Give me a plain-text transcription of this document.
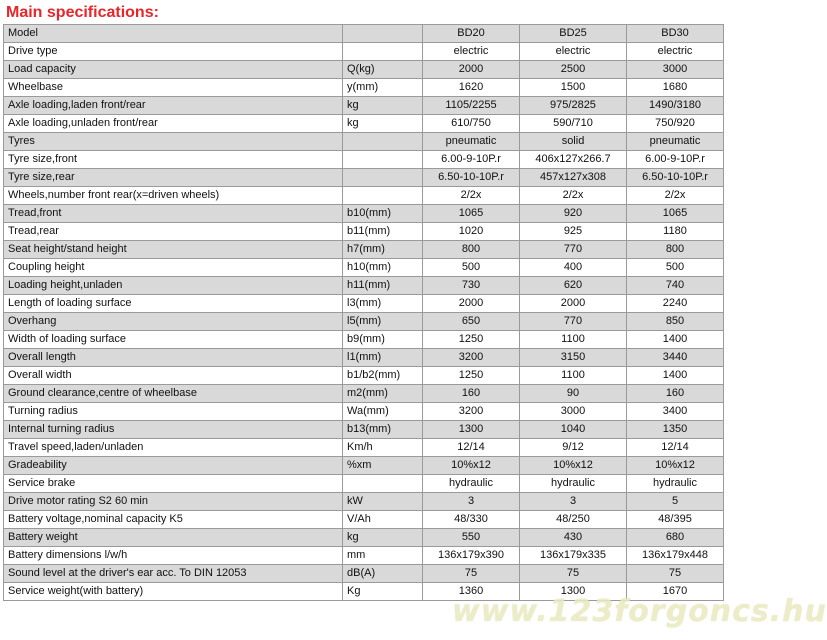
Main specifications:
Model		BD20	BD25	BD30
Drive type		electric	electric	electric
Load capacity	Q(kg)	2000	2500	3000
Wheelbase	y(mm)	1620	1500	1680
Axle loading,laden front/rear	kg	1105/2255	975/2825	1490/3180
Axle loading,unladen front/rear	kg	610/750	590/710	750/920
Tyres		pneumatic	solid	pneumatic
Tyre size,front		6.00-9-10P.r	406x127x266.7	6.00-9-10P.r
Tyre size,rear		6.50-10-10P.r	457x127x308	6.50-10-10P.r
Wheels,number front rear(x=driven wheels)		2/2x	2/2x	2/2x
Tread,front	b10(mm)	1065	920	1065
Tread,rear	b11(mm)	1020	925	1180
Seat height/stand height	h7(mm)	800	770	800
Coupling height	h10(mm)	500	400	500
Loading height,unladen	h11(mm)	730	620	740
Length of loading surface	l3(mm)	2000	2000	2240
Overhang	l5(mm)	650	770	850
Width of loading surface	b9(mm)	1250	1100	1400
Overall length	l1(mm)	3200	3150	3440
Overall width	b1/b2(mm)	1250	1100	1400
Ground clearance,centre of wheelbase	m2(mm)	160	90	160
Turning radius	Wa(mm)	3200	3000	3400
Internal turning radius	b13(mm)	1300	1040	1350
Travel speed,laden/unladen	Km/h	12/14	9/12	12/14
Gradeability	%xm	10%x12	10%x12	10%x12
Service brake		hydraulic	hydraulic	hydraulic
Drive motor rating S2 60 min	kW	3	3	5
Battery voltage,nominal capacity K5	V/Ah	48/330	48/250	48/395
Battery weight	kg	550	430	680
Battery dimensions l/w/h	mm	136x179x390	136x179x335	136x179x448
Sound level at the driver's ear acc. To DIN 12053	dB(A)	75	75	75
Service weight(with battery)	Kg	1360	1300	1670
www.123forgoncs.hu
